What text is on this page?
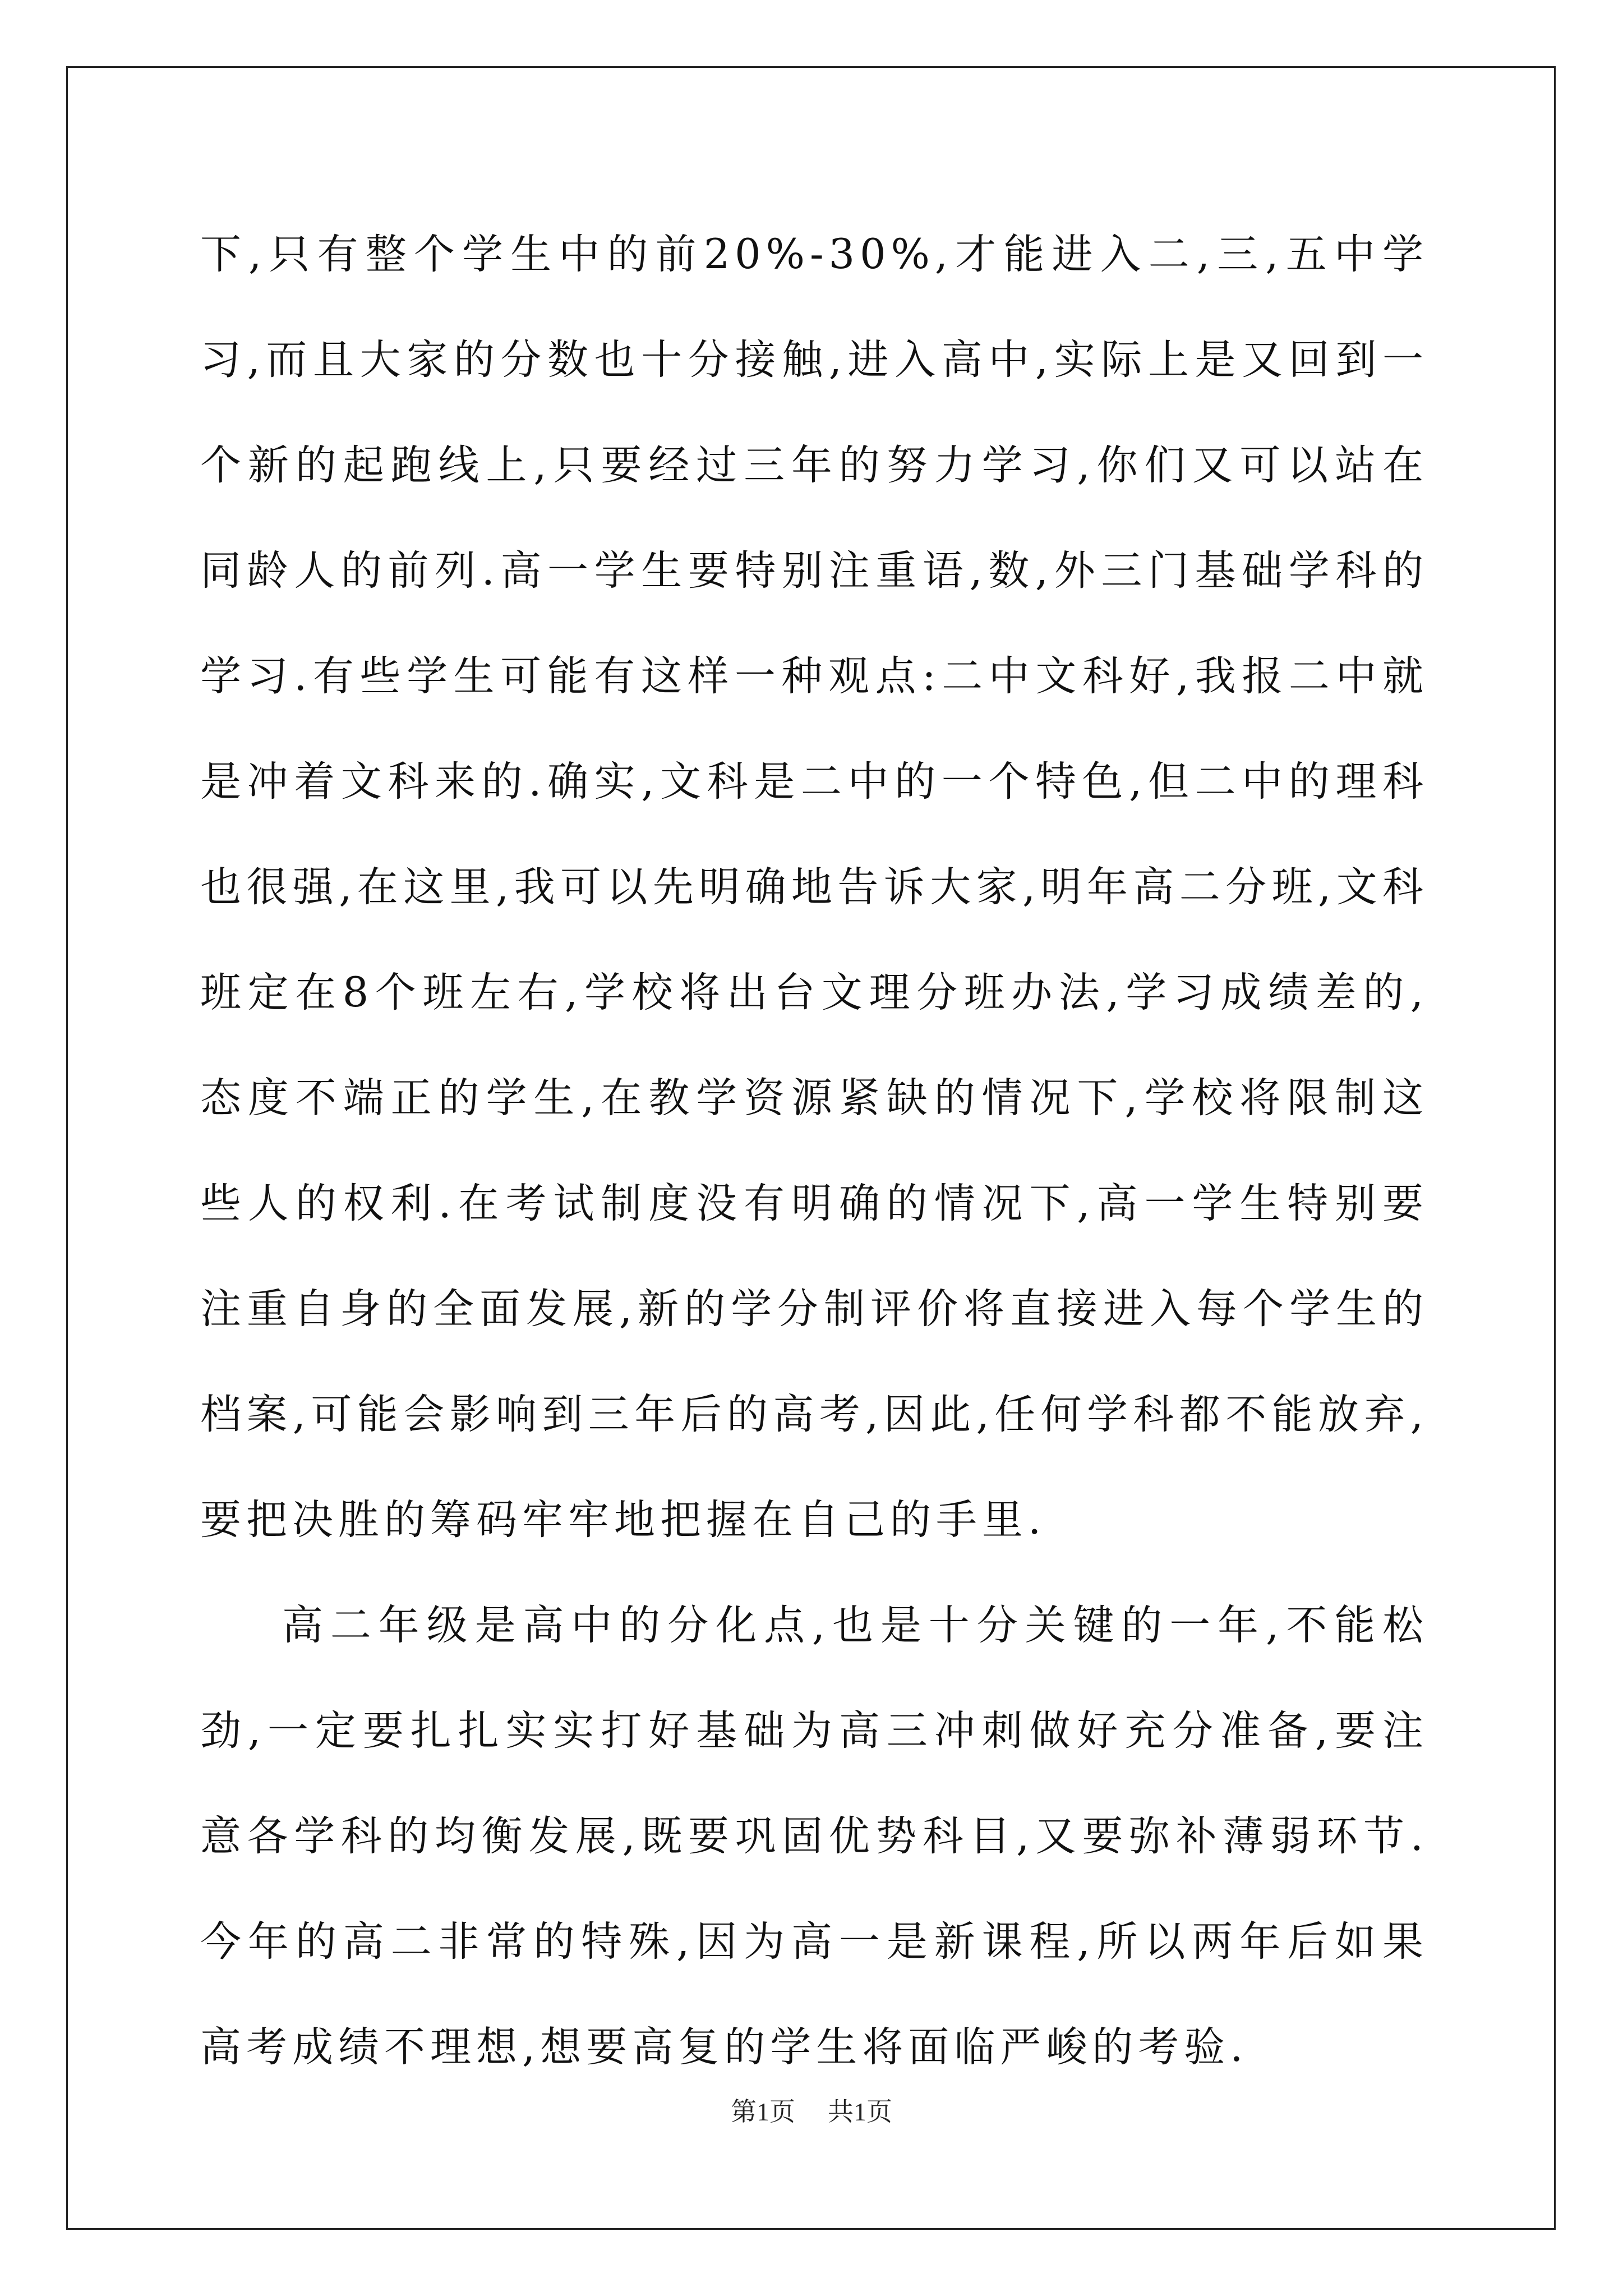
下,只有整个学生中的前20%-30%,才能进入二,三,五中学习,而且大家的分数也十分接触,进入高中,实际上是又回到一个新的起跑线上,只要经过三年的努力学习,你们又可以站在同龄人的前列.高一学生要特别注重语,数,外三门基础学科的学习.有些学生可能有这样一种观点:二中文科好,我报二中就是冲着文科来的.确实,文科是二中的一个特色,但二中的理科也很强,在这里,我可以先明确地告诉大家,明年高二分班,文科班定在8个班左右,学校将出台文理分班办法,学习成绩差的,态度不端正的学生,在教学资源紧缺的情况下,学校将限制这些人的权利.在考试制度没有明确的情况下,高一学生特别要注重自身的全面发展,新的学分制评价将直接进入每个学生的档案,可能会影响到三年后的高考,因此,任何学科都不能放弃,要把决胜的筹码牢牢地把握在自己的手里.

高二年级是高中的分化点,也是十分关键的一年,不能松劲,一定要扎扎实实打好基础为高三冲刺做好充分准备,要注意各学科的均衡发展,既要巩固优势科目,又要弥补薄弱环节.今年的高二非常的特殊,因为高一是新课程,所以两年后如果高考成绩不理想,想要高复的学生将面临严峻的考验.

第1页 共1页
